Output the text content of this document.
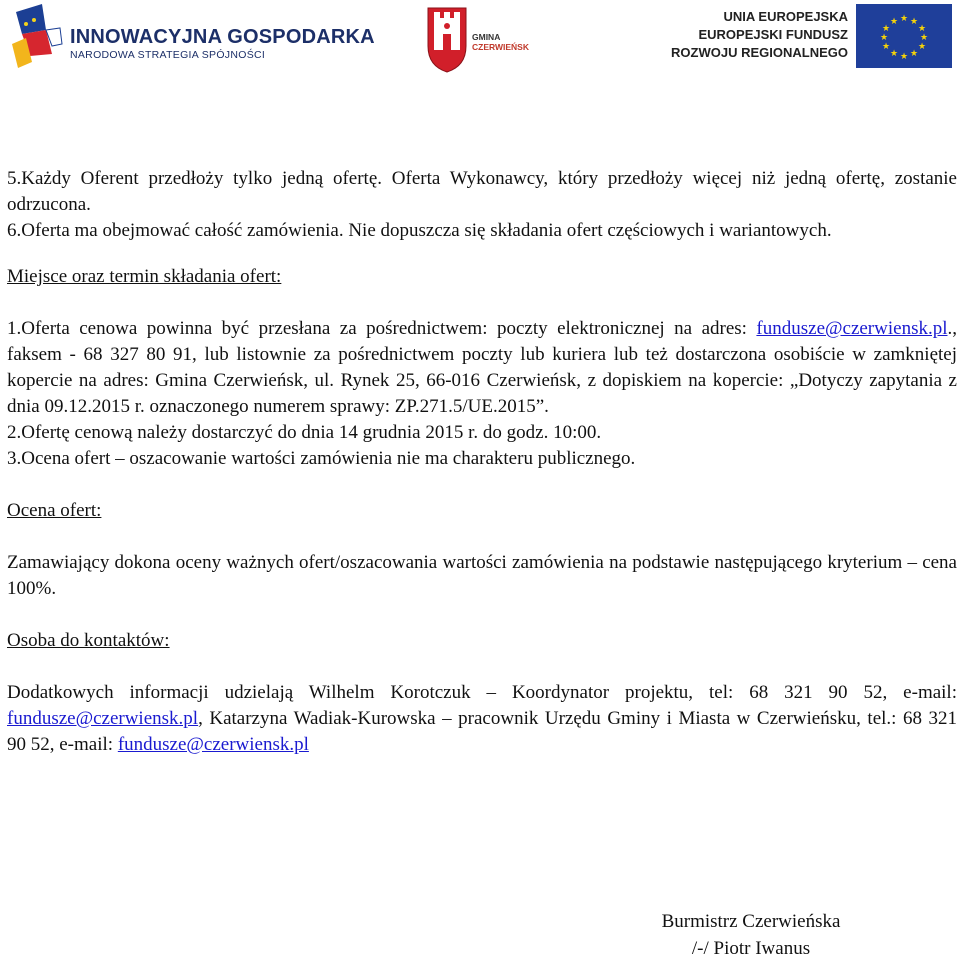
INNOWACYJNA GOSPODARKA
NARODOWA STRATEGIA SPÓJNOŚCI
GMINA
CZERWIEŃSK
UNIA EUROPEJSKA
EUROPEJSKI FUNDUSZ
ROZWOJU REGIONALNEGO
★ ★
★
★
★
★
★
★
★
★
★
★

5.Każdy Oferent przedłoży tylko jedną ofertę. Oferta Wykonawcy, który przedłoży więcej niż jedną ofertę, zostanie odrzucona.

6.Oferta ma obejmować całość zamówienia. Nie dopuszcza się składania ofert częściowych i wariantowych.

Miejsce oraz termin składania ofert:

1.Oferta cenowa powinna być przesłana za pośrednictwem: poczty elektronicznej na adres: fundusze@czerwiensk.pl., faksem - 68 327 80 91, lub listownie za pośrednictwem poczty lub kuriera lub też dostarczona osobiście w zamkniętej kopercie na adres: Gmina Czerwieńsk, ul. Rynek 25, 66-016 Czerwieńsk, z dopiskiem na kopercie: „Dotyczy zapytania z dnia 09.12.2015 r. oznaczonego numerem sprawy: ZP.271.5/UE.2015”.

2.Ofertę cenową należy dostarczyć do dnia 14 grudnia 2015 r. do godz. 10:00.

3.Ocena ofert – oszacowanie wartości zamówienia nie ma charakteru publicznego.

Ocena ofert:

Zamawiający dokona oceny ważnych ofert/oszacowania wartości zamówienia na podstawie następującego kryterium – cena 100%.

Osoba do kontaktów:

Dodatkowych informacji udzielają Wilhelm Korotczuk – Koordynator projektu, tel: 68 321 90 52, e-mail: fundusze@czerwiensk.pl, Katarzyna Wadiak-Kurowska – pracownik Urzędu Gminy i Miasta w Czerwieńsku, tel.: 68 321 90 52, e-mail: fundusze@czerwiensk.pl

Burmistrz Czerwieńska
/-/ Piotr Iwanus
